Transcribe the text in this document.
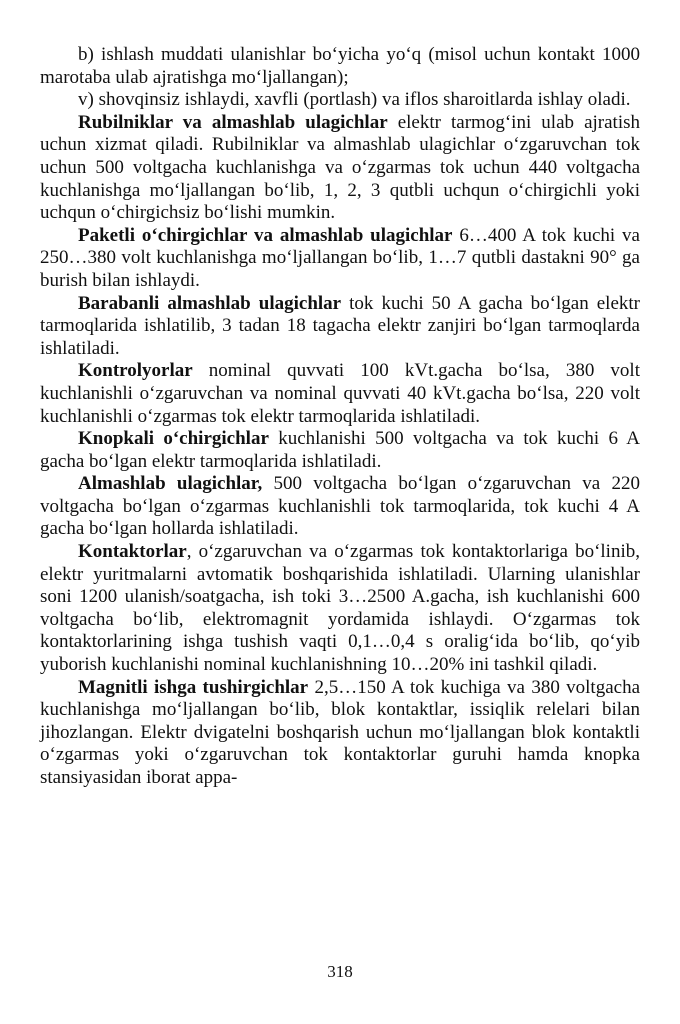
b) ishlash muddati ulanishlar bo‘yicha yo‘q (misol uchun kontakt 1000 marotaba ulab ajratishga mo‘ljallangan);

v) shovqinsiz ishlaydi, xavfli (portlash) va iflos sharoitlarda ishlay oladi.

Rubilniklar va almashlab ulagichlar elektr tarmog‘ini ulab ajratish uchun xizmat qiladi. Rubilniklar va almashlab ulagichlar o‘zgaruvchan tok uchun 500 voltgacha kuchlanishga va o‘zgarmas tok uchun 440 voltgacha kuchlanishga mo‘ljallangan bo‘lib, 1, 2, 3 qutbli uchqun o‘chirgichli yoki uchqun o‘chirgichsiz bo‘lishi mumkin.

Paketli o‘chirgichlar va almashlab ulagichlar 6…400 A tok kuchi va 250…380 volt kuchlanishga mo‘ljallangan bo‘lib, 1…7 qutbli dastakni 90° ga burish bilan ishlaydi.

Barabanli almashlab ulagichlar tok kuchi 50 A gacha bo‘lgan elektr tarmoqlarida ishlatilib, 3 tadan 18 tagacha elektr zanjiri bo‘lgan tarmoqlarda ishlatiladi.

Kontrolyorlar nominal quvvati 100 kVt.gacha bo‘lsa, 380 volt kuchlanishli o‘zgaruvchan va nominal quvvati 40 kVt.gacha bo‘lsa, 220 volt kuchlanishli o‘zgarmas tok elektr tarmoqlarida ishlatiladi.

Knopkali o‘chirgichlar kuchlanishi 500 voltgacha va tok kuchi 6 A gacha bo‘lgan elektr tarmoqlarida ishlatiladi.

Almashlab ulagichlar, 500 voltgacha bo‘lgan o‘zgaruvchan va 220 voltgacha bo‘lgan o‘zgarmas kuchlanishli tok tarmoqlarida, tok kuchi 4 A gacha bo‘lgan hollarda ishlatiladi.

Kontaktorlar, o‘zgaruvchan va o‘zgarmas tok kontaktorlariga bo‘linib, elektr yuritmalarni avtomatik boshqarishida ishlatiladi. Ularning ulanishlar soni 1200 ulanish/soatgacha, ish toki 3…2500 A.gacha, ish kuchlanishi 600 voltgacha bo‘lib, elektromagnit yordamida ishlaydi. O‘zgarmas tok kontaktorlarining ishga tushish vaqti 0,1…0,4 s oralig‘ida bo‘lib, qo‘yib yuborish kuchlanishi nominal kuchlanishning 10…20% ini tashkil qiladi.

Magnitli ishga tushirgichlar 2,5…150 A tok kuchiga va 380 voltgacha kuchlanishga mo‘ljallangan bo‘lib, blok kontaktlar, issiqlik relelari bilan jihozlangan. Elektr dvigatelni boshqarish uchun mo‘ljallangan blok kontaktli o‘zgarmas yoki o‘zgaruvchan tok kontaktorlar guruhi hamda knopka stansiyasidan iborat appa-

318
